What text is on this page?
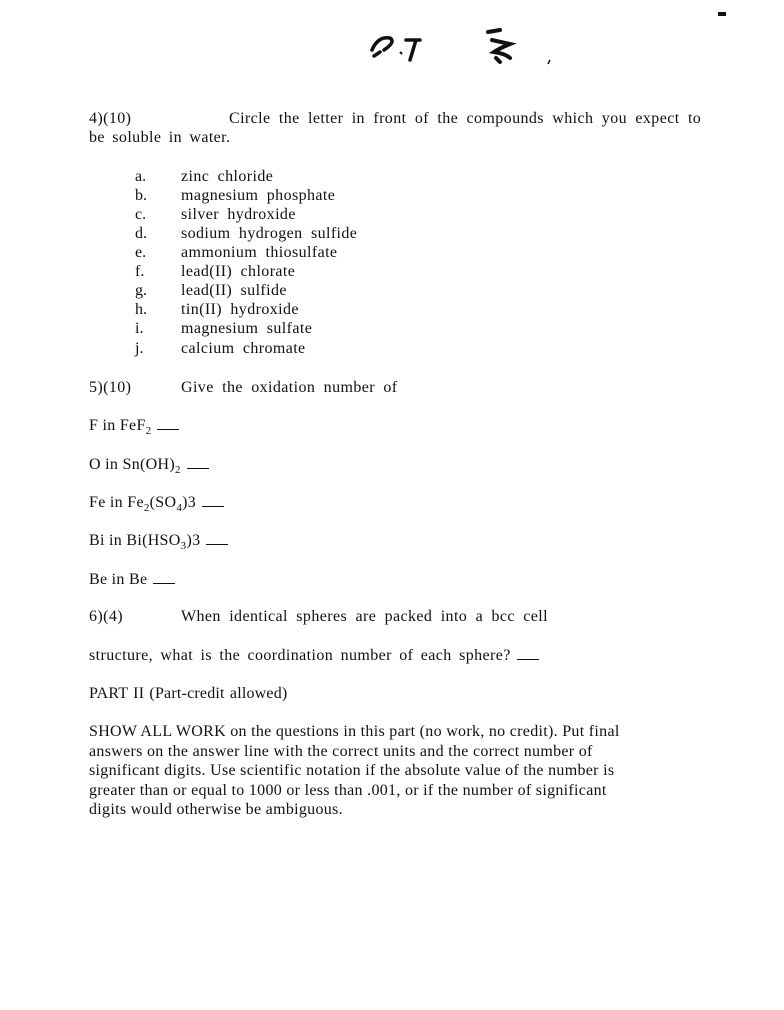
4)(10)	Circle the letter in front of the compounds which you expect to
be soluble in water.
a. zinc chloride
b. magnesium phosphate
c. silver hydroxide
d. sodium hydrogen sulfide
e. ammonium thiosulfate
f. lead(II) chlorate
g. lead(II) sulfide
h. tin(II) hydroxide
i. magnesium sulfate
j. calcium chromate
5)(10)	Give the oxidation number of
F in FeF$_2$
O in $Sn(OH)_2$
Fe in $Fe_2(SO_4)3$
Bi in $Bi(HSO_3)3$
Be in Be
6)(4)	When identical spheres are packed into a bcc cell
structure, what is the coordination number of each sphere?
PART II (Part-credit allowed)
SHOW ALL WORK on the questions in this part (no work, no credit). Put final
answers on the answer line with the correct units and the correct number of
significant digits. Use scientific notation if the absolute value of the number is
greater than or equal to 1000 or less than .001, or if the number of significant
digits would otherwise be ambiguous.
